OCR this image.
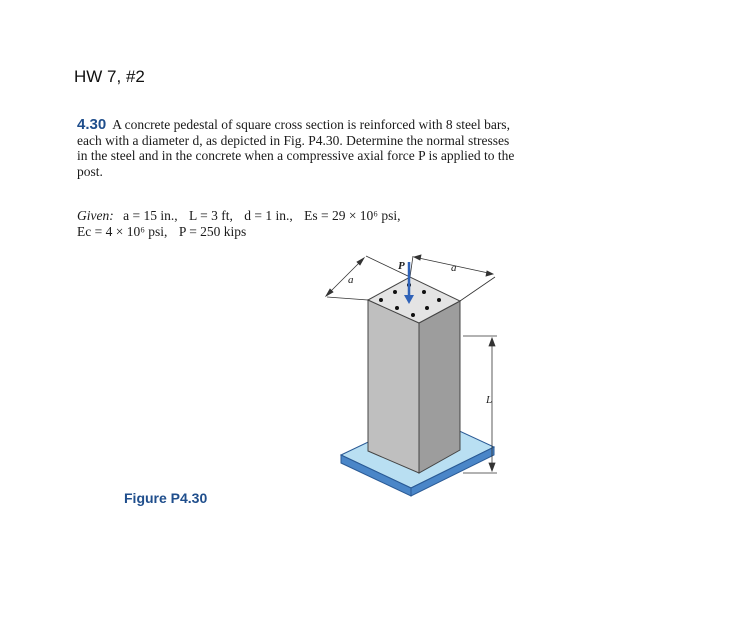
HW 7, #2
4.30 A concrete pedestal of square cross section is reinforced with 8 steel bars, each with a diameter d, as depicted in Fig. P4.30. Determine the normal stresses in the steel and in the concrete when a compressive axial force P is applied to the post.
Given: a = 15 in., L = 3 ft, d = 1 in., Es = 29 × 10⁶ psi,
Ec = 4 × 10⁶ psi, P = 250 kips
a
a
P
L
Figure P4.30
